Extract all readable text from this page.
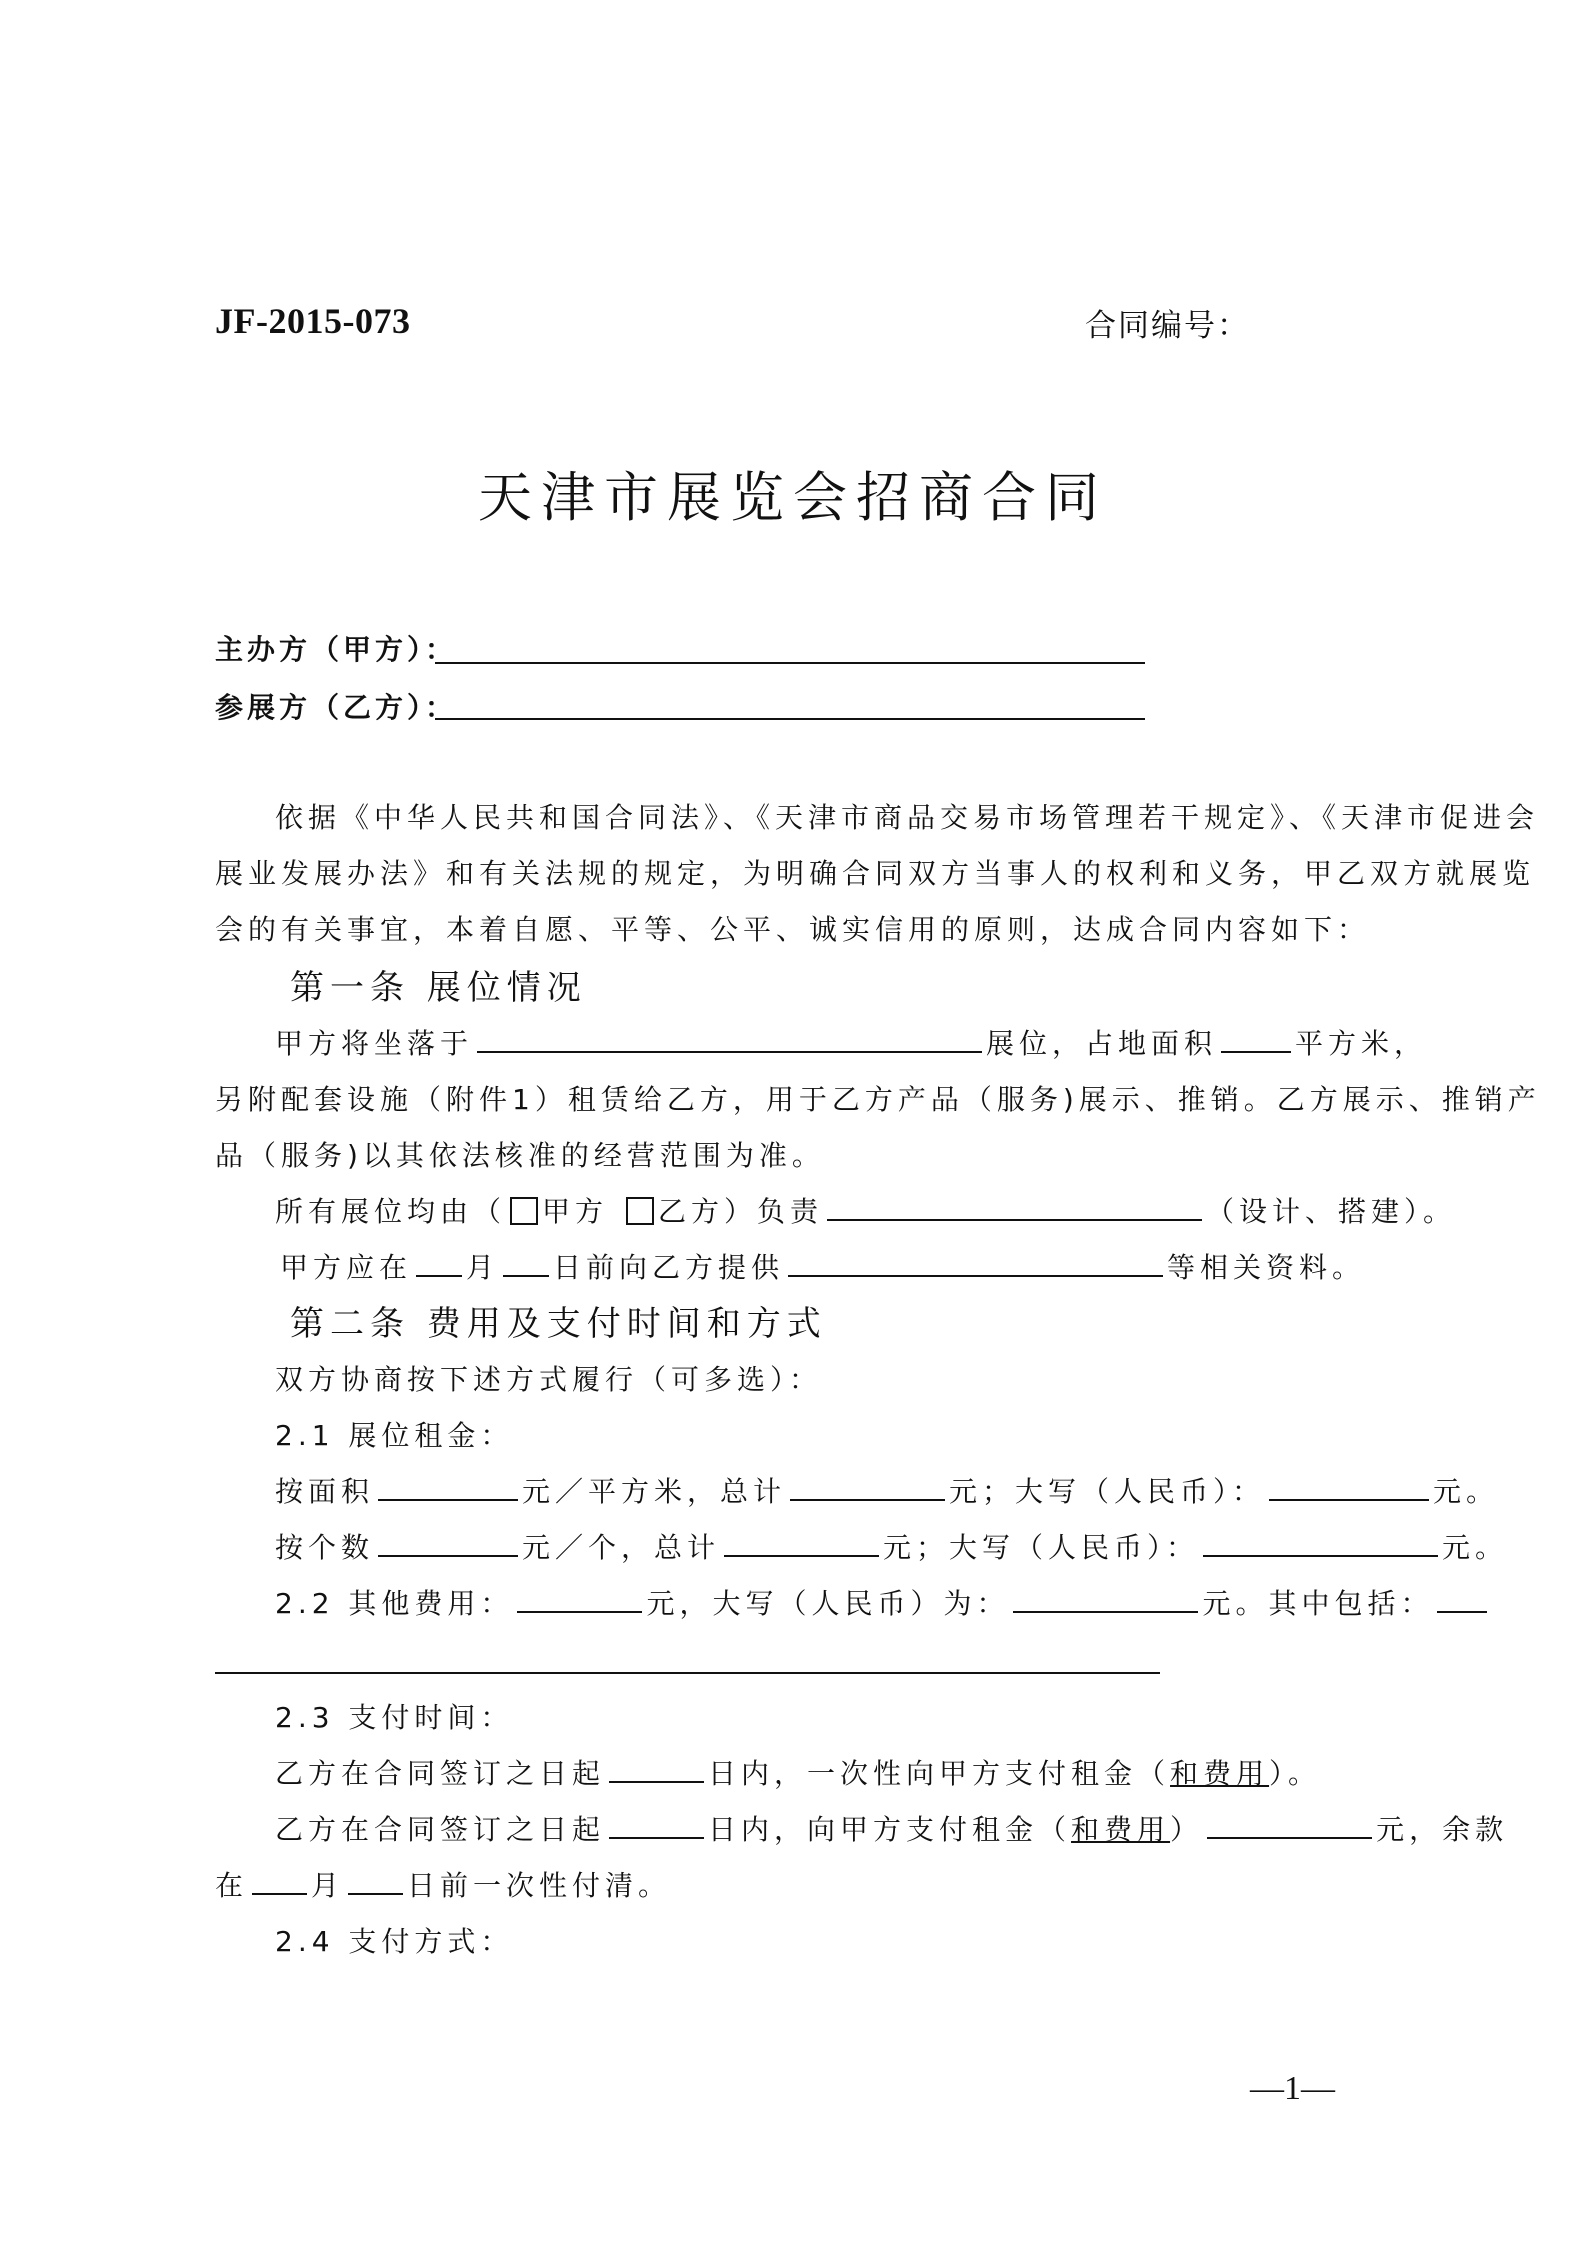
JF-2015-073	合同编号：
天津市展览会招商合同
主办方（甲方）：
参展方（乙方）：
依据《中华人民共和国合同法》、《天津市商品交易市场管理若干规定》、《天津市促进会
展业发展办法》和有关法规的规定，为明确合同双方当事人的权利和义务，甲乙双方就展览
会的有关事宜，本着自愿、平等、公平、诚实信用的原则，达成合同内容如下：
第一条 展位情况
甲方将坐落于	展位，占地面积	平方米，
另附配套设施（附件1）租赁给乙方，用于乙方产品（服务)展示、推销。乙方展示、推销产
品（服务)以其依法核准的经营范围为准。
所有展位均由（ 甲方 乙方）负责	（设计、搭建）。
甲方应在 月 日前向乙方提供	等相关资料。
第二条 费用及支付时间和方式
双方协商按下述方式履行（可多选）：
2.1 展位租金：
按面积	元／平方米，总计	元；大写（人民币）：	元。
按个数	元／个，总计	元；大写（人民币）：	元。
2.2 其他费用：	元，大写（人民币）为：	元。其中包括：
2.3 支付时间：
乙方在合同签订之日起	日内，一次性向甲方支付租金（和费用）。
乙方在合同签订之日起	日内，向甲方支付租金（和费用）	元，余款
在 月 日前一次性付清。
2.4 支付方式：
—1—
